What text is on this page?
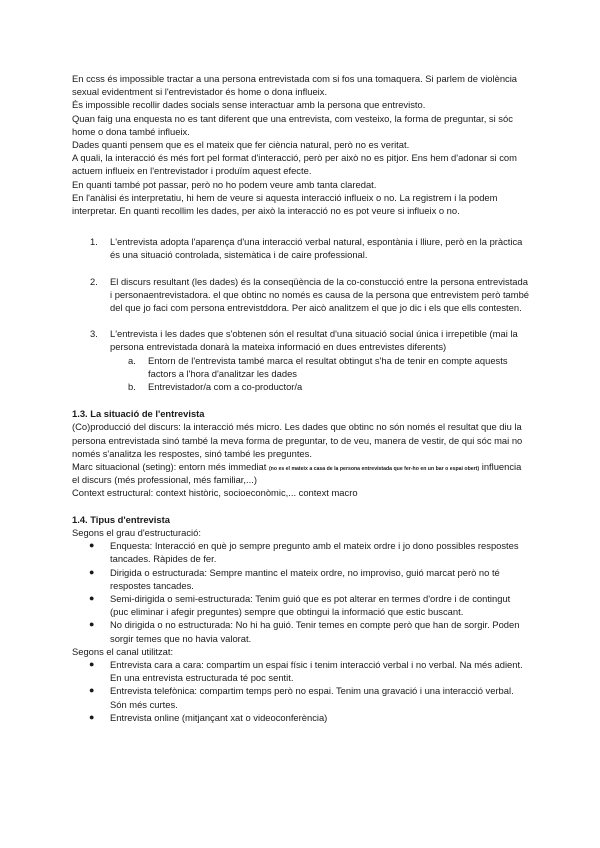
En ccss és impossible tractar a una persona entrevistada com si fos una tomaquera. Si parlem de violència sexual evidentment si l'entrevistador és home o dona influeix.

És impossible recollir dades socials sense interactuar amb la persona que entrevisto.

Quan faig una enquesta no es tant diferent que una entrevista, com vesteixo, la forma de preguntar, si sóc home o dona també influeix.

Dades quanti pensem que es el mateix que fer ciència natural, però no es veritat.

A quali, la interacció és més fort pel format d'interacció, però per això no es pitjor. Ens hem d'adonar si com actuem influeix en l'entrevistador i produïm aquest efecte.

En quanti també pot passar, però no ho podem veure amb tanta claredat.

En l'anàlisi és interpretatiu, hi hem de veure si aquesta interacció influeix o no. La registrem i la podem interpretar. En quanti recollim les dades, per això la interacció no es pot veure si influeix o no.

1. L'entrevista adopta l'aparença d'una interacció verbal natural, espontània i lliure, però en la pràctica és una situació controlada, sistemàtica i de caire professional.
2. El discurs resultant (les dades) és la conseqüència de la co-constucció entre la persona entrevistada i personaentrevistadora. el que obtinc no només es causa de la persona que entrevistem però també del que jo faci com persona entrevistddora. Per aicò analitzem el que jo dic i els que ells contesten.
3. L'entrevista i les dades que s'obtenen són el resultat d'una situació social única i irrepetible (mai la persona entrevistada donarà la mateixa informació en dues entrevistes diferents)
a. Entorn de l'entrevista també marca el resultat obtingut s'ha de tenir en compte aquests factors a l'hora d'analitzar les dades
b. Entrevistador/a com a co-productor/a

1.3. La situació de l'entrevista

(Co)producció del discurs: la interacció més micro. Les dades que obtinc no són només el resultat que diu la persona entrevistada sinó també la meva forma de preguntar, to de veu, manera de vestir, de qui sóc mai no només s'analitza les respostes, sinó també les preguntes.

Marc situacional (seting): entorn més immediat (no es el mateix a casa de la persona entrevistada que fer-ho en un bar o espai obert) influencia el discurs (més professional, més familiar,...)

Context estructural: context històric, socioeconòmic,... context macro

1.4. Tipus d'entrevista

Segons el grau d'estructuració:

● Enquesta: Interacció en què jo sempre pregunto amb el mateix ordre i jo dono possibles respostes tancades. Ràpides de fer.
● Dirigida o estructurada: Sempre mantinc el mateix ordre, no improviso, guió marcat però no té respostes tancades.
● Semi-dirigida o semi-estructurada: Tenim guió que es pot alterar en termes d'ordre i de contingut (puc eliminar i afegir preguntes) sempre que obtingui la informació que estic buscant.
● No dirigida o no estructurada: No hi ha guió. Tenir temes en compte però que han de sorgir. Poden sorgir temes que no havia valorat.

Segons el canal utilitzat:

● Entrevista cara a cara: compartim un espai físic i tenim interacció verbal i no verbal. Na més adient. En una entrevista estructurada té poc sentit.
● Entrevista telefònica: compartim temps però no espai. Tenim una gravació i una interacció verbal. Són més curtes.
● Entrevista online (mitjançant xat o videoconferència)
